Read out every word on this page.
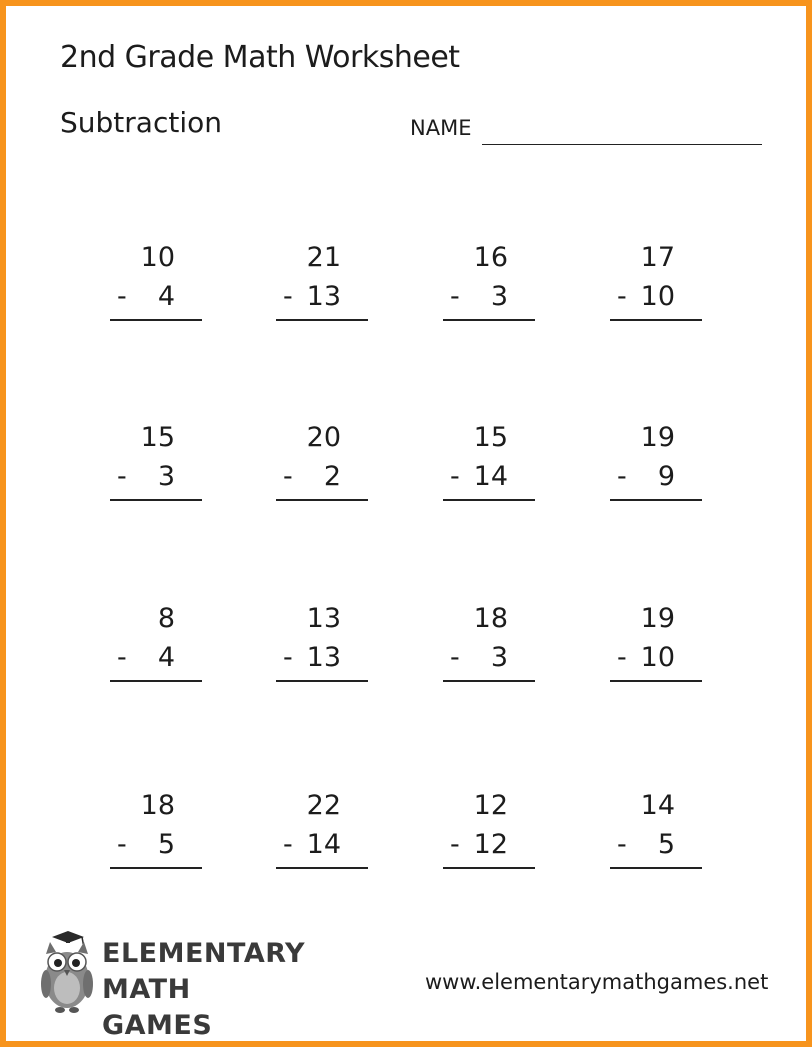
2nd Grade Math Worksheet
Subtraction	NAME
10
- 4
21
- 13
16
- 3
17
- 10
15
- 3
20
- 2
15
- 14
19
- 9
8
- 4
13
- 13
18
- 3
19
- 10
18
- 5
22
- 14
12
- 12
14
- 5
ELEMENTARY
MATH GAMES
www.elementarymathgames.net
